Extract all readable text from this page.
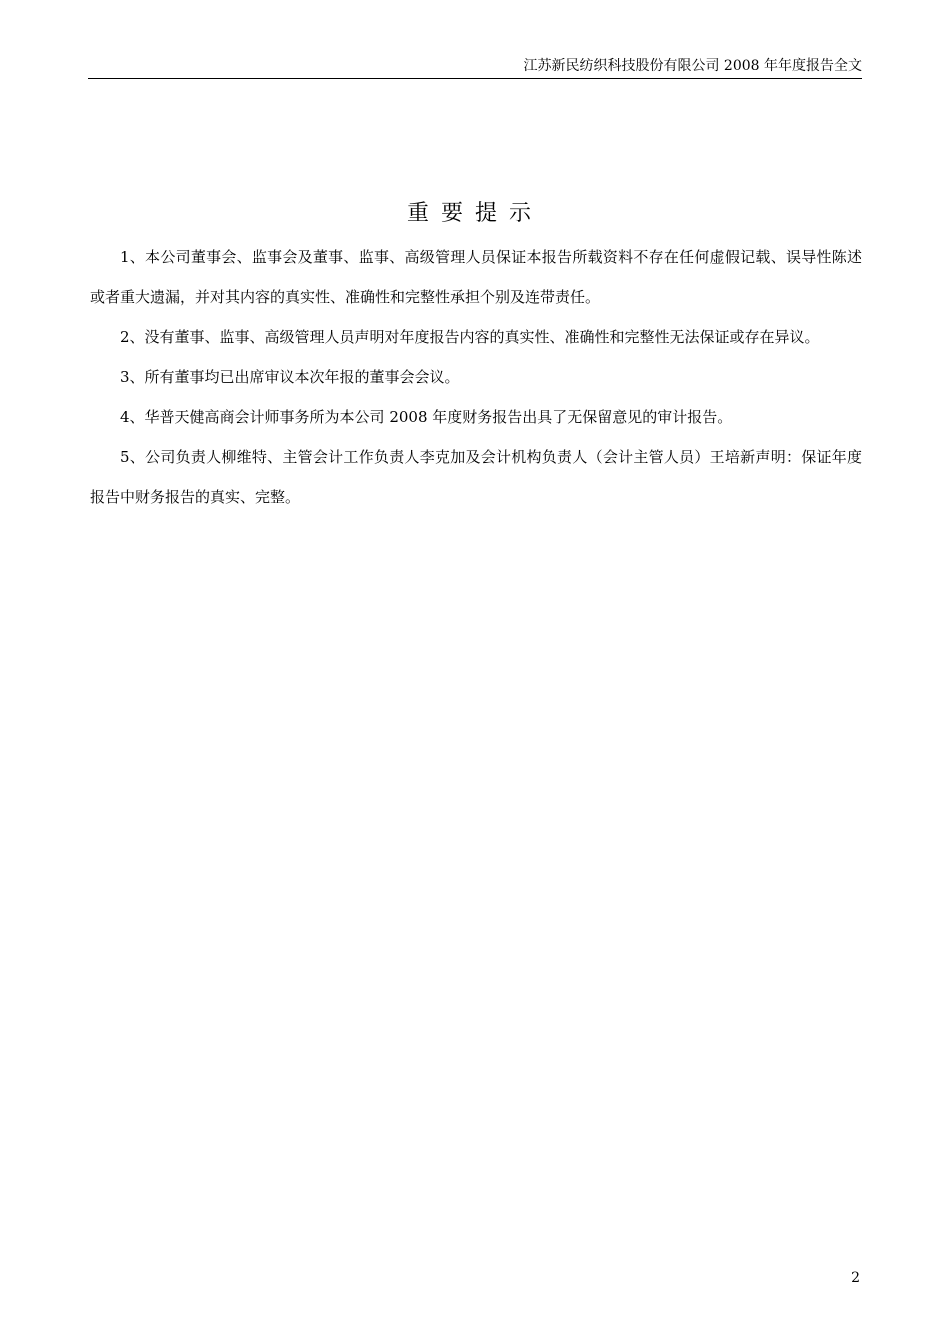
江苏新民纺织科技股份有限公司 2008 年年度报告全文
重要提示

1、本公司董事会、监事会及董事、监事、高级管理人员保证本报告所载资料不存在任何虚假记载、误导性陈述或者重大遗漏，并对其内容的真实性、准确性和完整性承担个别及连带责任。

2、没有董事、监事、高级管理人员声明对年度报告内容的真实性、准确性和完整性无法保证或存在异议。

3、所有董事均已出席审议本次年报的董事会会议。

4、华普天健高商会计师事务所为本公司 2008 年度财务报告出具了无保留意见的审计报告。

5、公司负责人柳维特、主管会计工作负责人李克加及会计机构负责人（会计主管人员）王培新声明：保证年度报告中财务报告的真实、完整。

2
